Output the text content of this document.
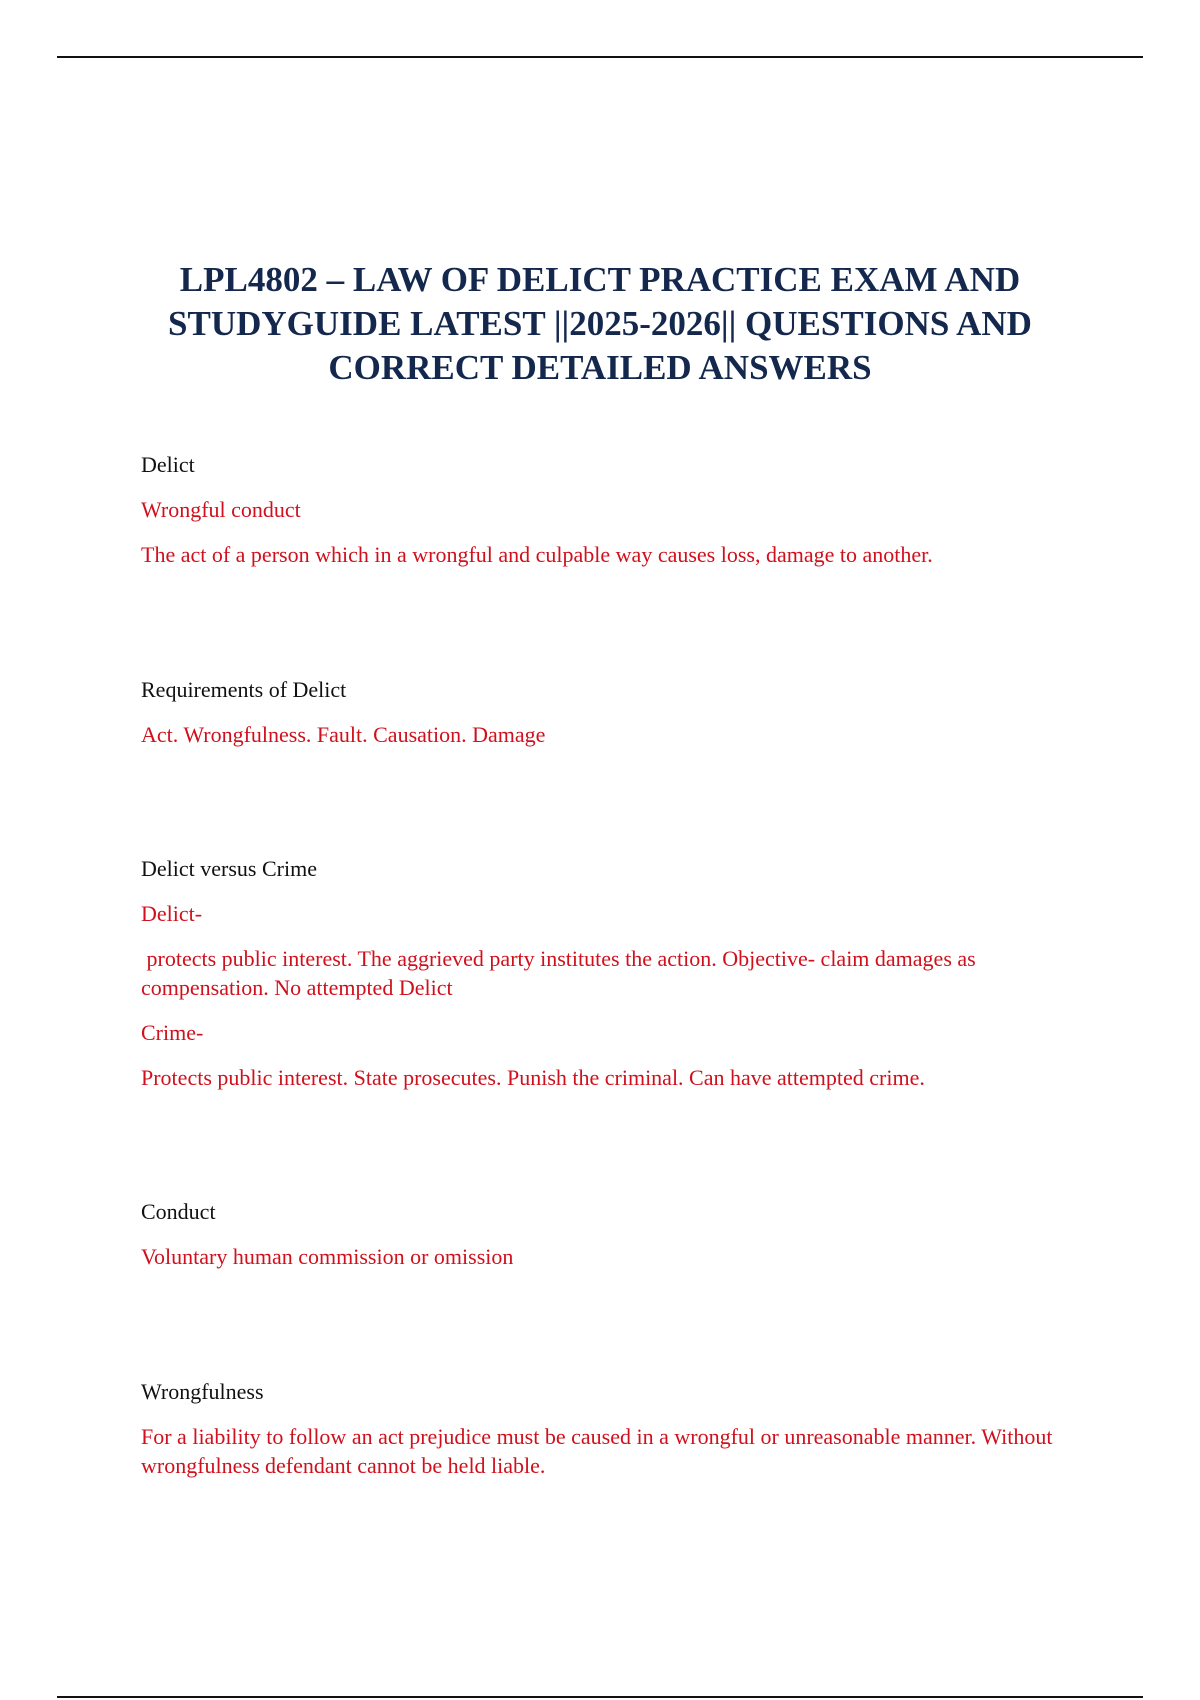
LPL4802 – LAW OF DELICT PRACTICE EXAM AND
STUDYGUIDE LATEST ||2025-2026|| QUESTIONS AND
CORRECT DETAILED ANSWERS

Delict

Wrongful conduct

The act of a person which in a wrongful and culpable way causes loss, damage to another.

Requirements of Delict

Act. Wrongfulness. Fault. Causation. Damage

Delict versus Crime

Delict-

protects public interest. The aggrieved party institutes the action. Objective- claim damages as compensation. No attempted Delict

Crime-

Protects public interest. State prosecutes. Punish the criminal. Can have attempted crime.

Conduct

Voluntary human commission or omission

Wrongfulness

For a liability to follow an act prejudice must be caused in a wrongful or unreasonable manner. Without wrongfulness defendant cannot be held liable.
